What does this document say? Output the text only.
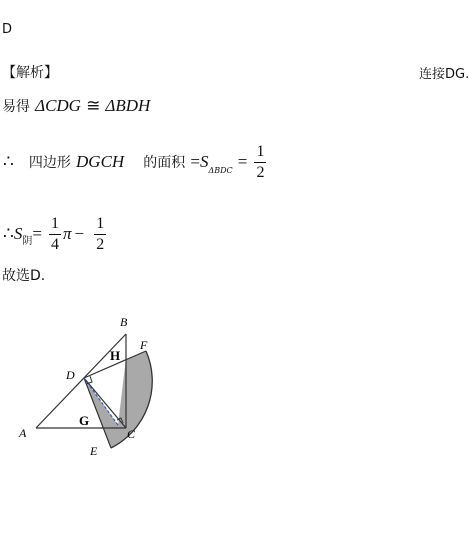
D
【解析】	连接DG.
易得 ΔCDG ≅ ΔBDH
∴ 四边形 DGCH 的面积 $=S_{\Delta BDC} = \frac{1}{2}$
$\therefore S_阴= \frac{1}{4}$ $\pi - \frac{1}{2}$
故选D.
B
F
H
D
G
A	C
E
